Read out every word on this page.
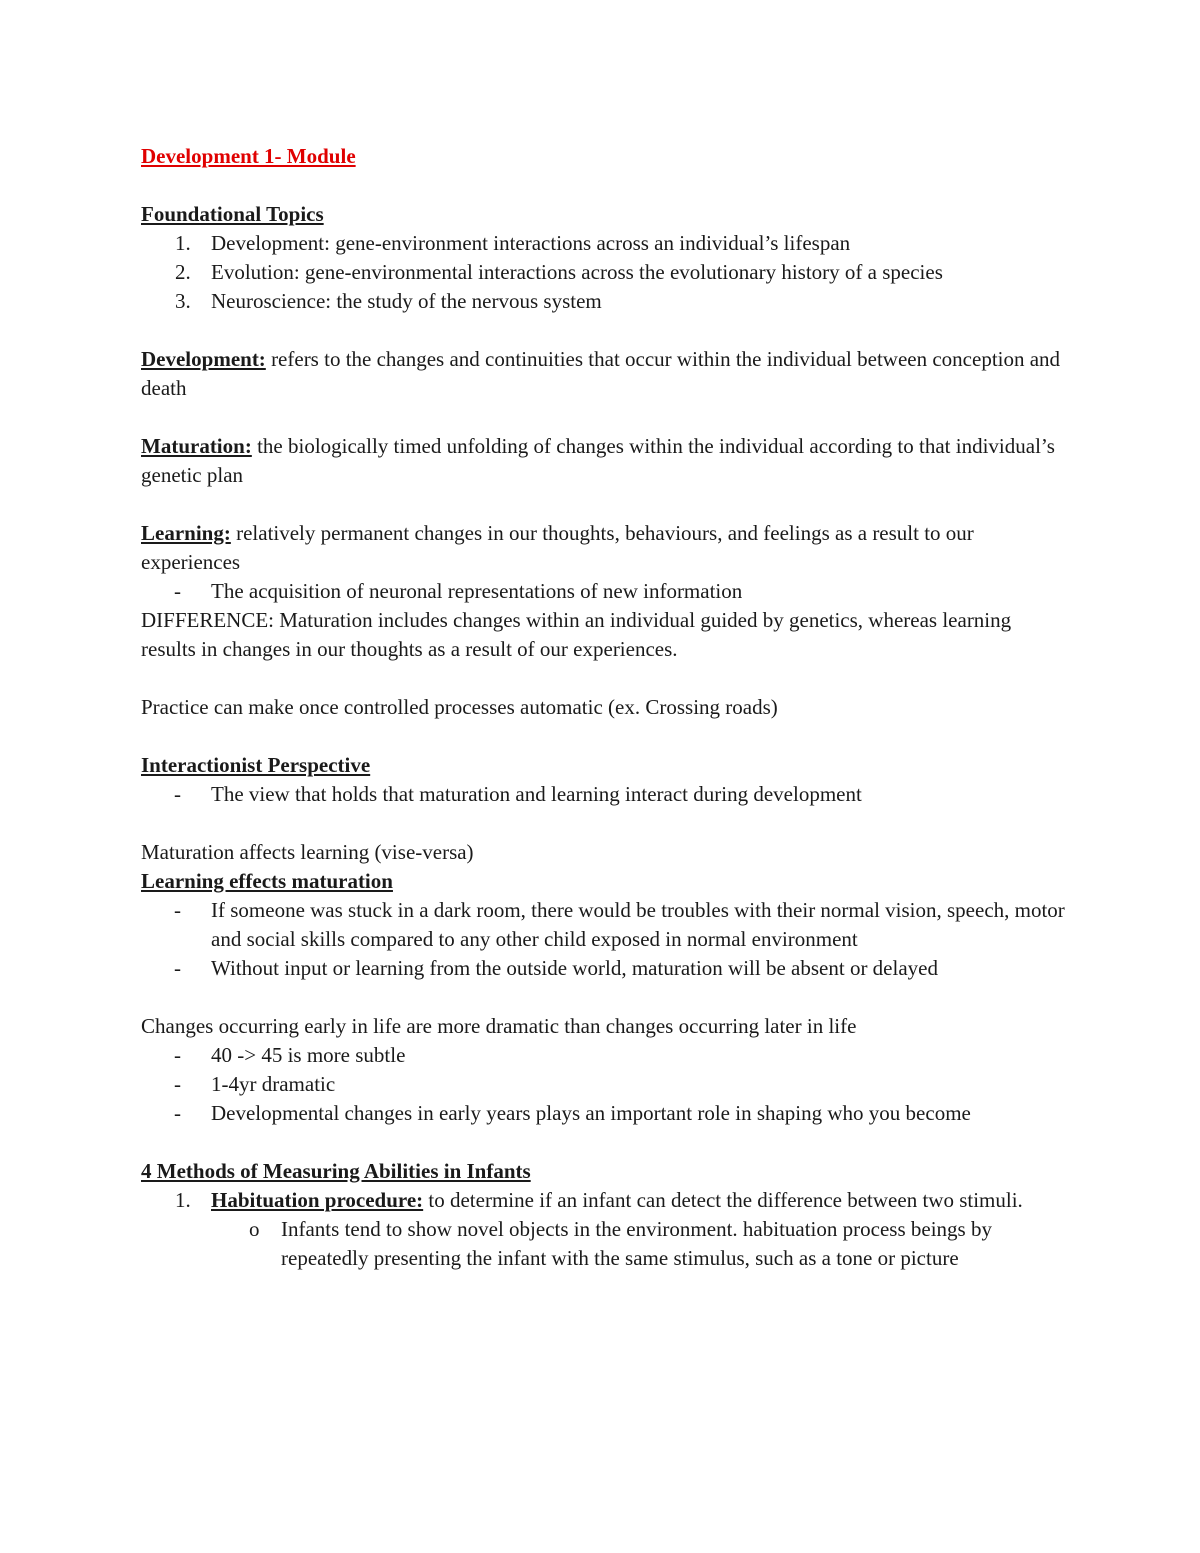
Development 1- Module

Foundational Topics

1. Development: gene-environment interactions across an individual’s lifespan
2. Evolution: gene-environmental interactions across the evolutionary history of a species
3. Neuroscience: the study of the nervous system

Development: refers to the changes and continuities that occur within the individual between conception and death

Maturation: the biologically timed unfolding of changes within the individual according to that individual’s genetic plan

Learning: relatively permanent changes in our thoughts, behaviours, and feelings as a result to our experiences

-	The acquisition of neuronal representations of new information

DIFFERENCE: Maturation includes changes within an individual guided by genetics, whereas learning results in changes in our thoughts as a result of our experiences.

Practice can make once controlled processes automatic (ex. Crossing roads)

Interactionist Perspective

-	The view that holds that maturation and learning interact during development

Maturation affects learning (vise-versa)

Learning effects maturation

-	If someone was stuck in a dark room, there would be troubles with their normal vision, speech, motor and social skills compared to any other child exposed in normal environment
-	Without input or learning from the outside world, maturation will be absent or delayed

Changes occurring early in life are more dramatic than changes occurring later in life

-	40 -> 45 is more subtle
-	1-4yr dramatic
-	Developmental changes in early years plays an important role in shaping who you become

4 Methods of Measuring Abilities in Infants

1. Habituation procedure: to determine if an infant can detect the difference between two stimuli.
o	Infants tend to show novel objects in the environment. habituation process beings by repeatedly presenting the infant with the same stimulus, such as a tone or picture
